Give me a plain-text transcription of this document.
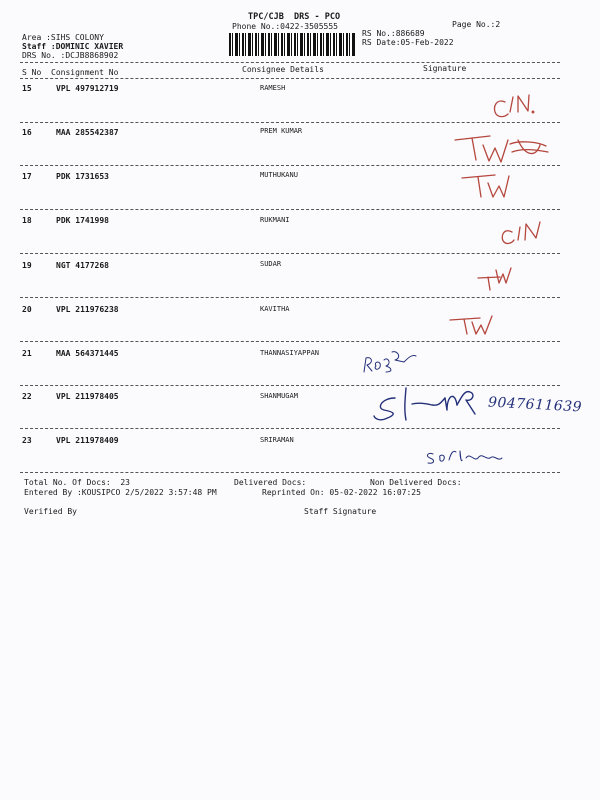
TPC/CJB  DRS - PCO
Phone No.:0422-3505555	Page No.:2
Area :SIHS COLONY
Staff :DOMINIC XAVIER
DRS No. :DCJB8868902
RS No.:886689
RS Date:05-Feb-2022
S No Consignment No	Consignee Details	Signature
15	VPL 497912719	RAMESH
16	MAA 285542387	PREM KUMAR
17	PDK 1731653	MUTHUKANU
18	PDK 1741998	RUKMANI
19	NGT 4177268	SUDAR
20	VPL 211976238	KAVITHA
21	MAA 564371445	THANNASIYAPPAN
22	VPL 211978405	SHANMUGAM
23	VPL 211978409	SRIRAMAN
9047611639
Total No. Of Docs:  23	Delivered Docs:	Non Delivered Docs:
Entered By :KOUSIPCO 2/5/2022 3:57:48 PM	Reprinted On: 05-02-2022 16:07:25
Verified By	Staff Signature
